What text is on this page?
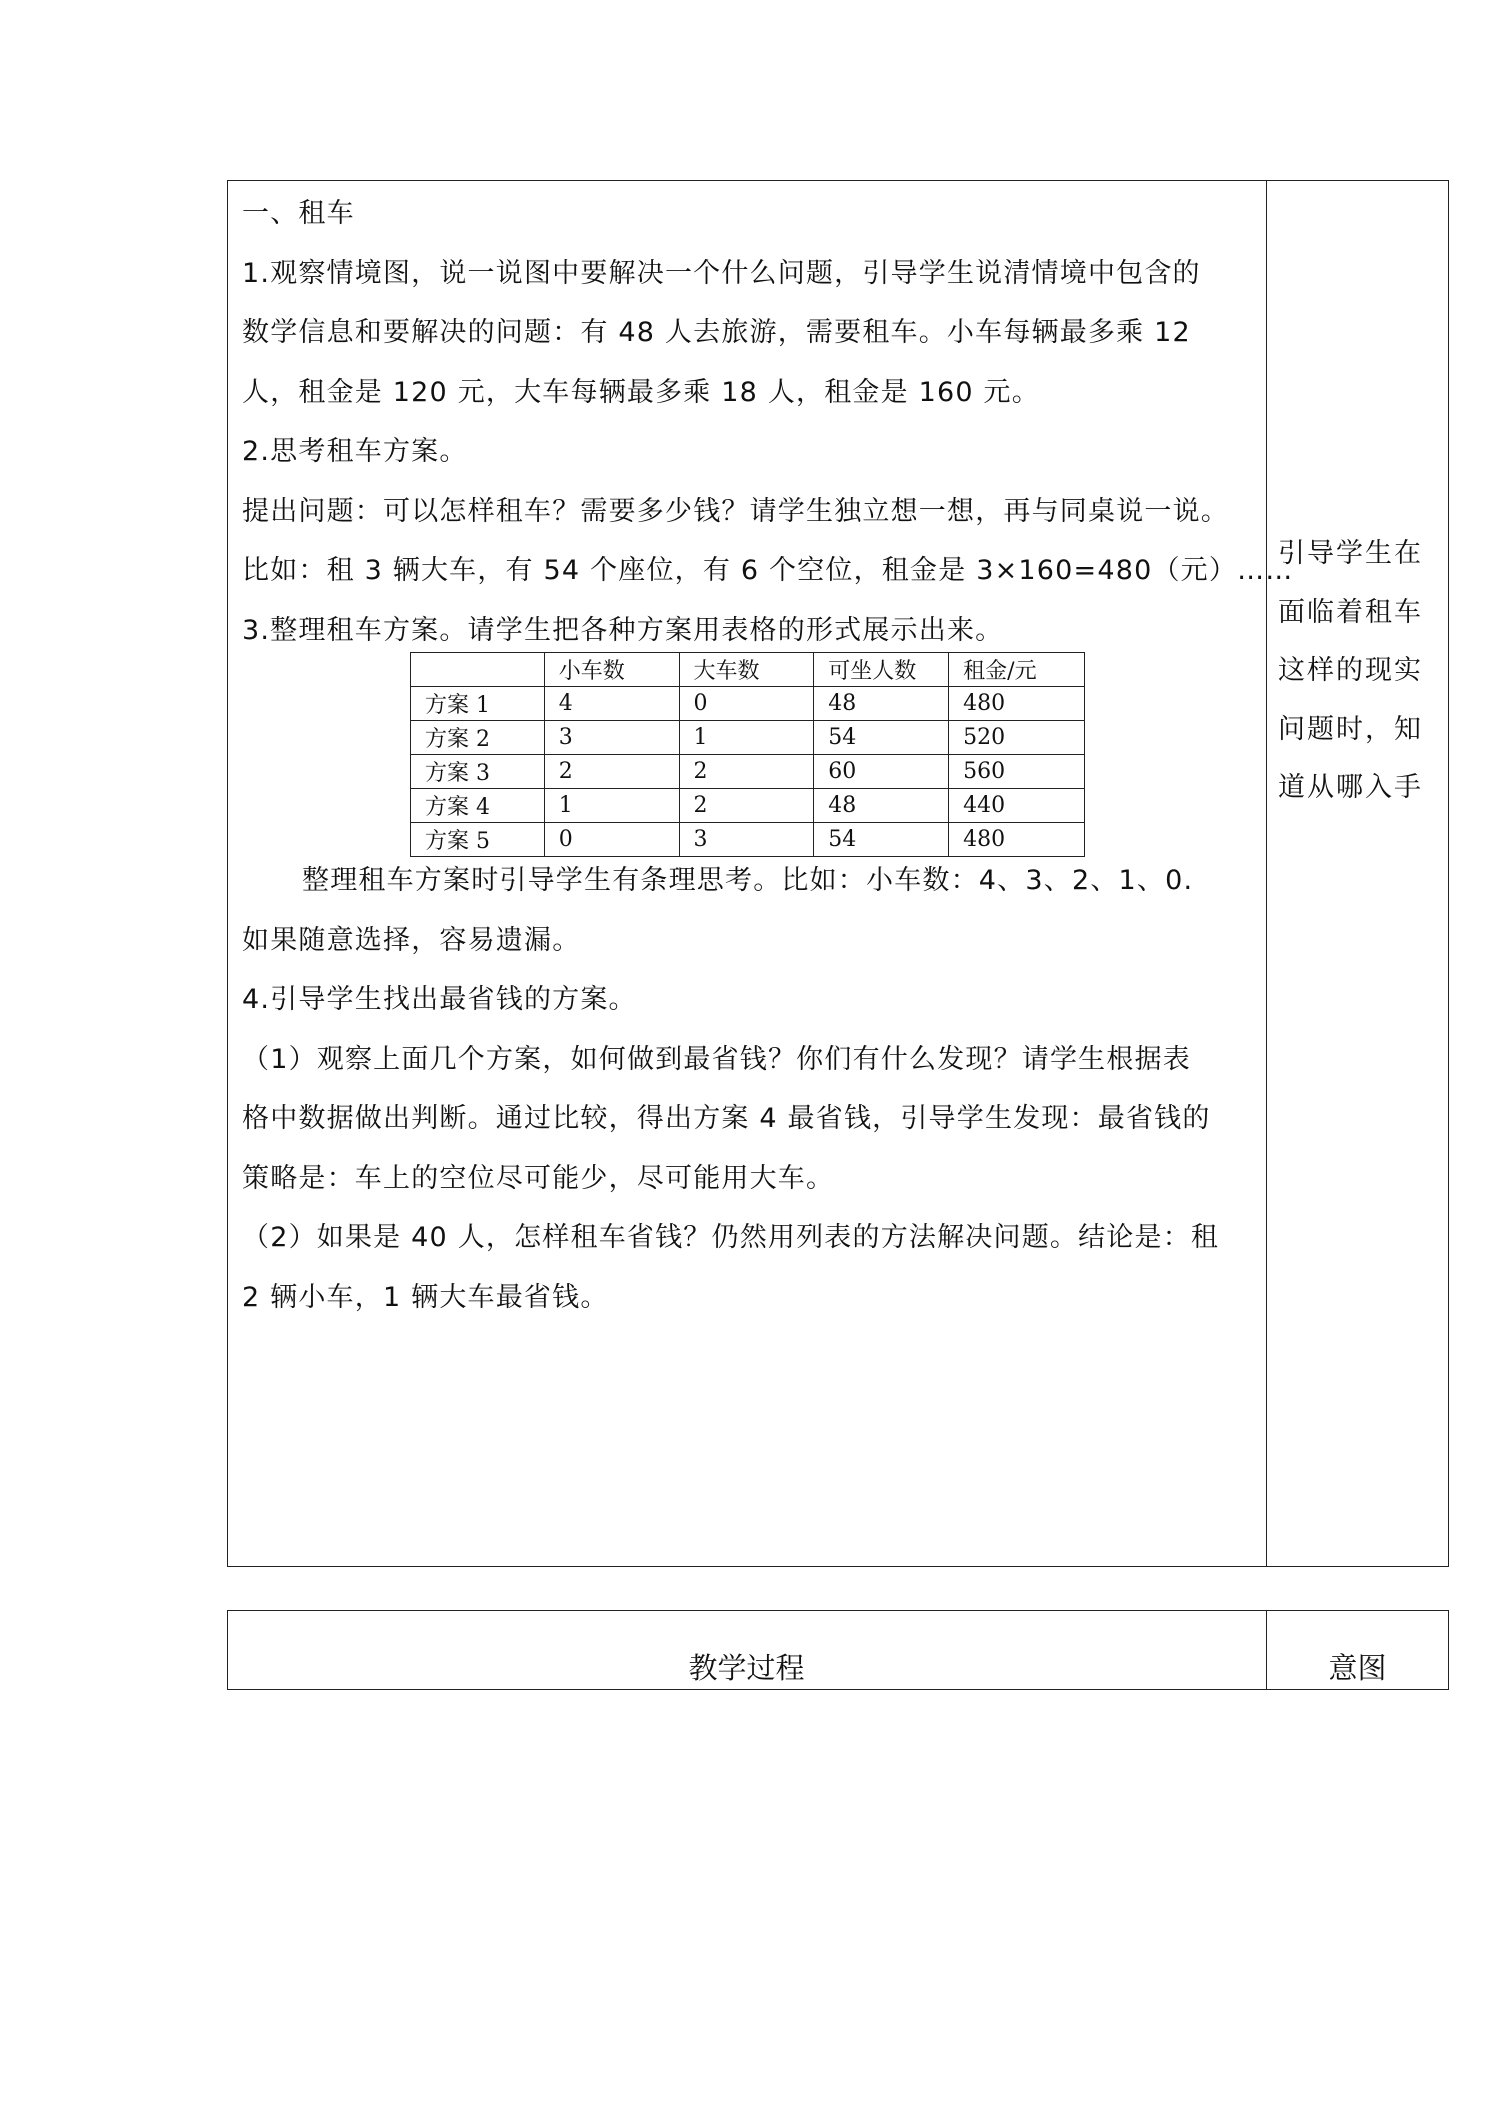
一、租车
1.观察情境图，说一说图中要解决一个什么问题，引导学生说清情境中包含的
数学信息和要解决的问题：有 48 人去旅游，需要租车。小车每辆最多乘 12
人，租金是 120 元，大车每辆最多乘 18 人，租金是 160 元。
2.思考租车方案。
提出问题：可以怎样租车？需要多少钱？请学生独立想一想，再与同桌说一说。
比如：租 3 辆大车，有 54 个座位，有 6 个空位，租金是 3×160=480（元）……
3.整理租车方案。请学生把各种方案用表格的形式展示出来。
	小车数	大车数	可坐人数	租金/元
方案 1	4	0	48	480
方案 2	3	1	54	520
方案 3	2	2	60	560
方案 4	1	2	48	440
方案 5	0	3	54	480
整理租车方案时引导学生有条理思考。比如：小车数：4、3、2、1、0.
如果随意选择，容易遗漏。
4.引导学生找出最省钱的方案。
（1）观察上面几个方案，如何做到最省钱？你们有什么发现？请学生根据表
格中数据做出判断。通过比较，得出方案 4 最省钱，引导学生发现：最省钱的
策略是：车上的空位尽可能少，尽可能用大车。
（2）如果是 40 人，怎样租车省钱？仍然用列表的方法解决问题。结论是：租
2 辆小车，1 辆大车最省钱。
引导学生在
面临着租车
这样的现实
问题时，知
道从哪入手
教学过程	意图
